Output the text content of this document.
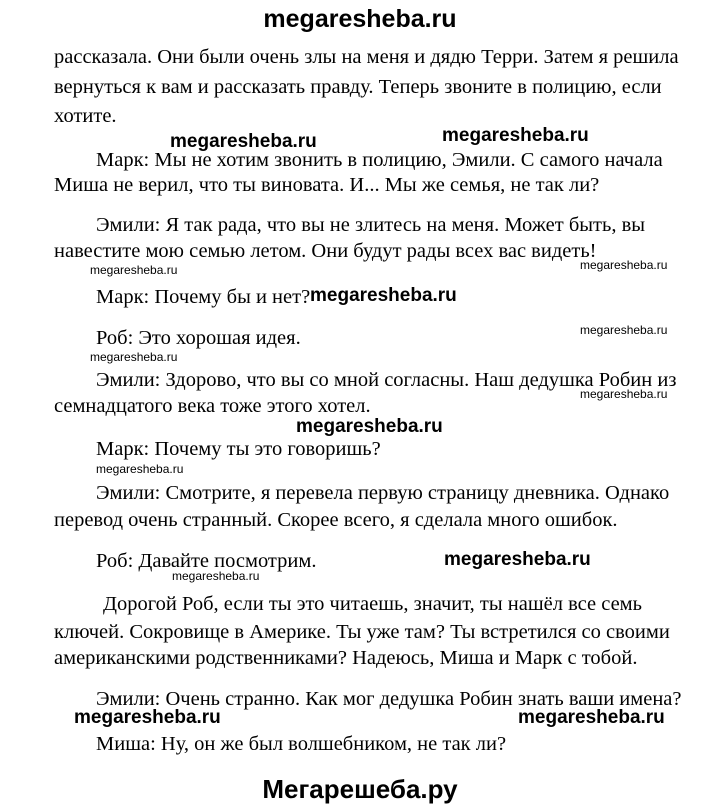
megaresheba.ru
рассказала. Они были очень злы на меня и дядю Терри. Затем я решила
вернуться к вам и рассказать правду. Теперь звоните в полицию, если
хотите.
megaresheba.ru	megaresheba.ru
Марк: Мы не хотим звонить в полицию, Эмили. С самого начала
Миша не верил, что ты виновата. И... Мы же семья, не так ли?
Эмили: Я так рада, что вы не злитесь на меня. Может быть, вы
навестите мою семью летом. Они будут рады всех вас видеть!
megaresheba.ru	megaresheba.ru
Марк: Почему бы и нет? megaresheba.ru
megaresheba.ru
Роб: Это хорошая идея.
megaresheba.ru
Эмили: Здорово, что вы со мной согласны. Наш дедушка Робин из
megaresheba.ru
семнадцатого века тоже этого хотел.
megaresheba.ru
Марк: Почему ты это говоришь?
megaresheba.ru
Эмили: Смотрите, я перевела первую страницу дневника. Однако
перевод очень странный. Скорее всего, я сделала много ошибок.
Роб: Давайте посмотрим.	megaresheba.ru
megaresheba.ru
Дорогой Роб, если ты это читаешь, значит, ты нашёл все семь
ключей. Сокровище в Америке. Ты уже там? Ты встретился со своими
американскими родственниками? Надеюсь, Миша и Марк с тобой.
Эмили: Очень странно. Как мог дедушка Робин знать ваши имена?
megaresheba.ru	megaresheba.ru
Миша: Ну, он же был волшебником, не так ли?
Мегарешеба.ру
